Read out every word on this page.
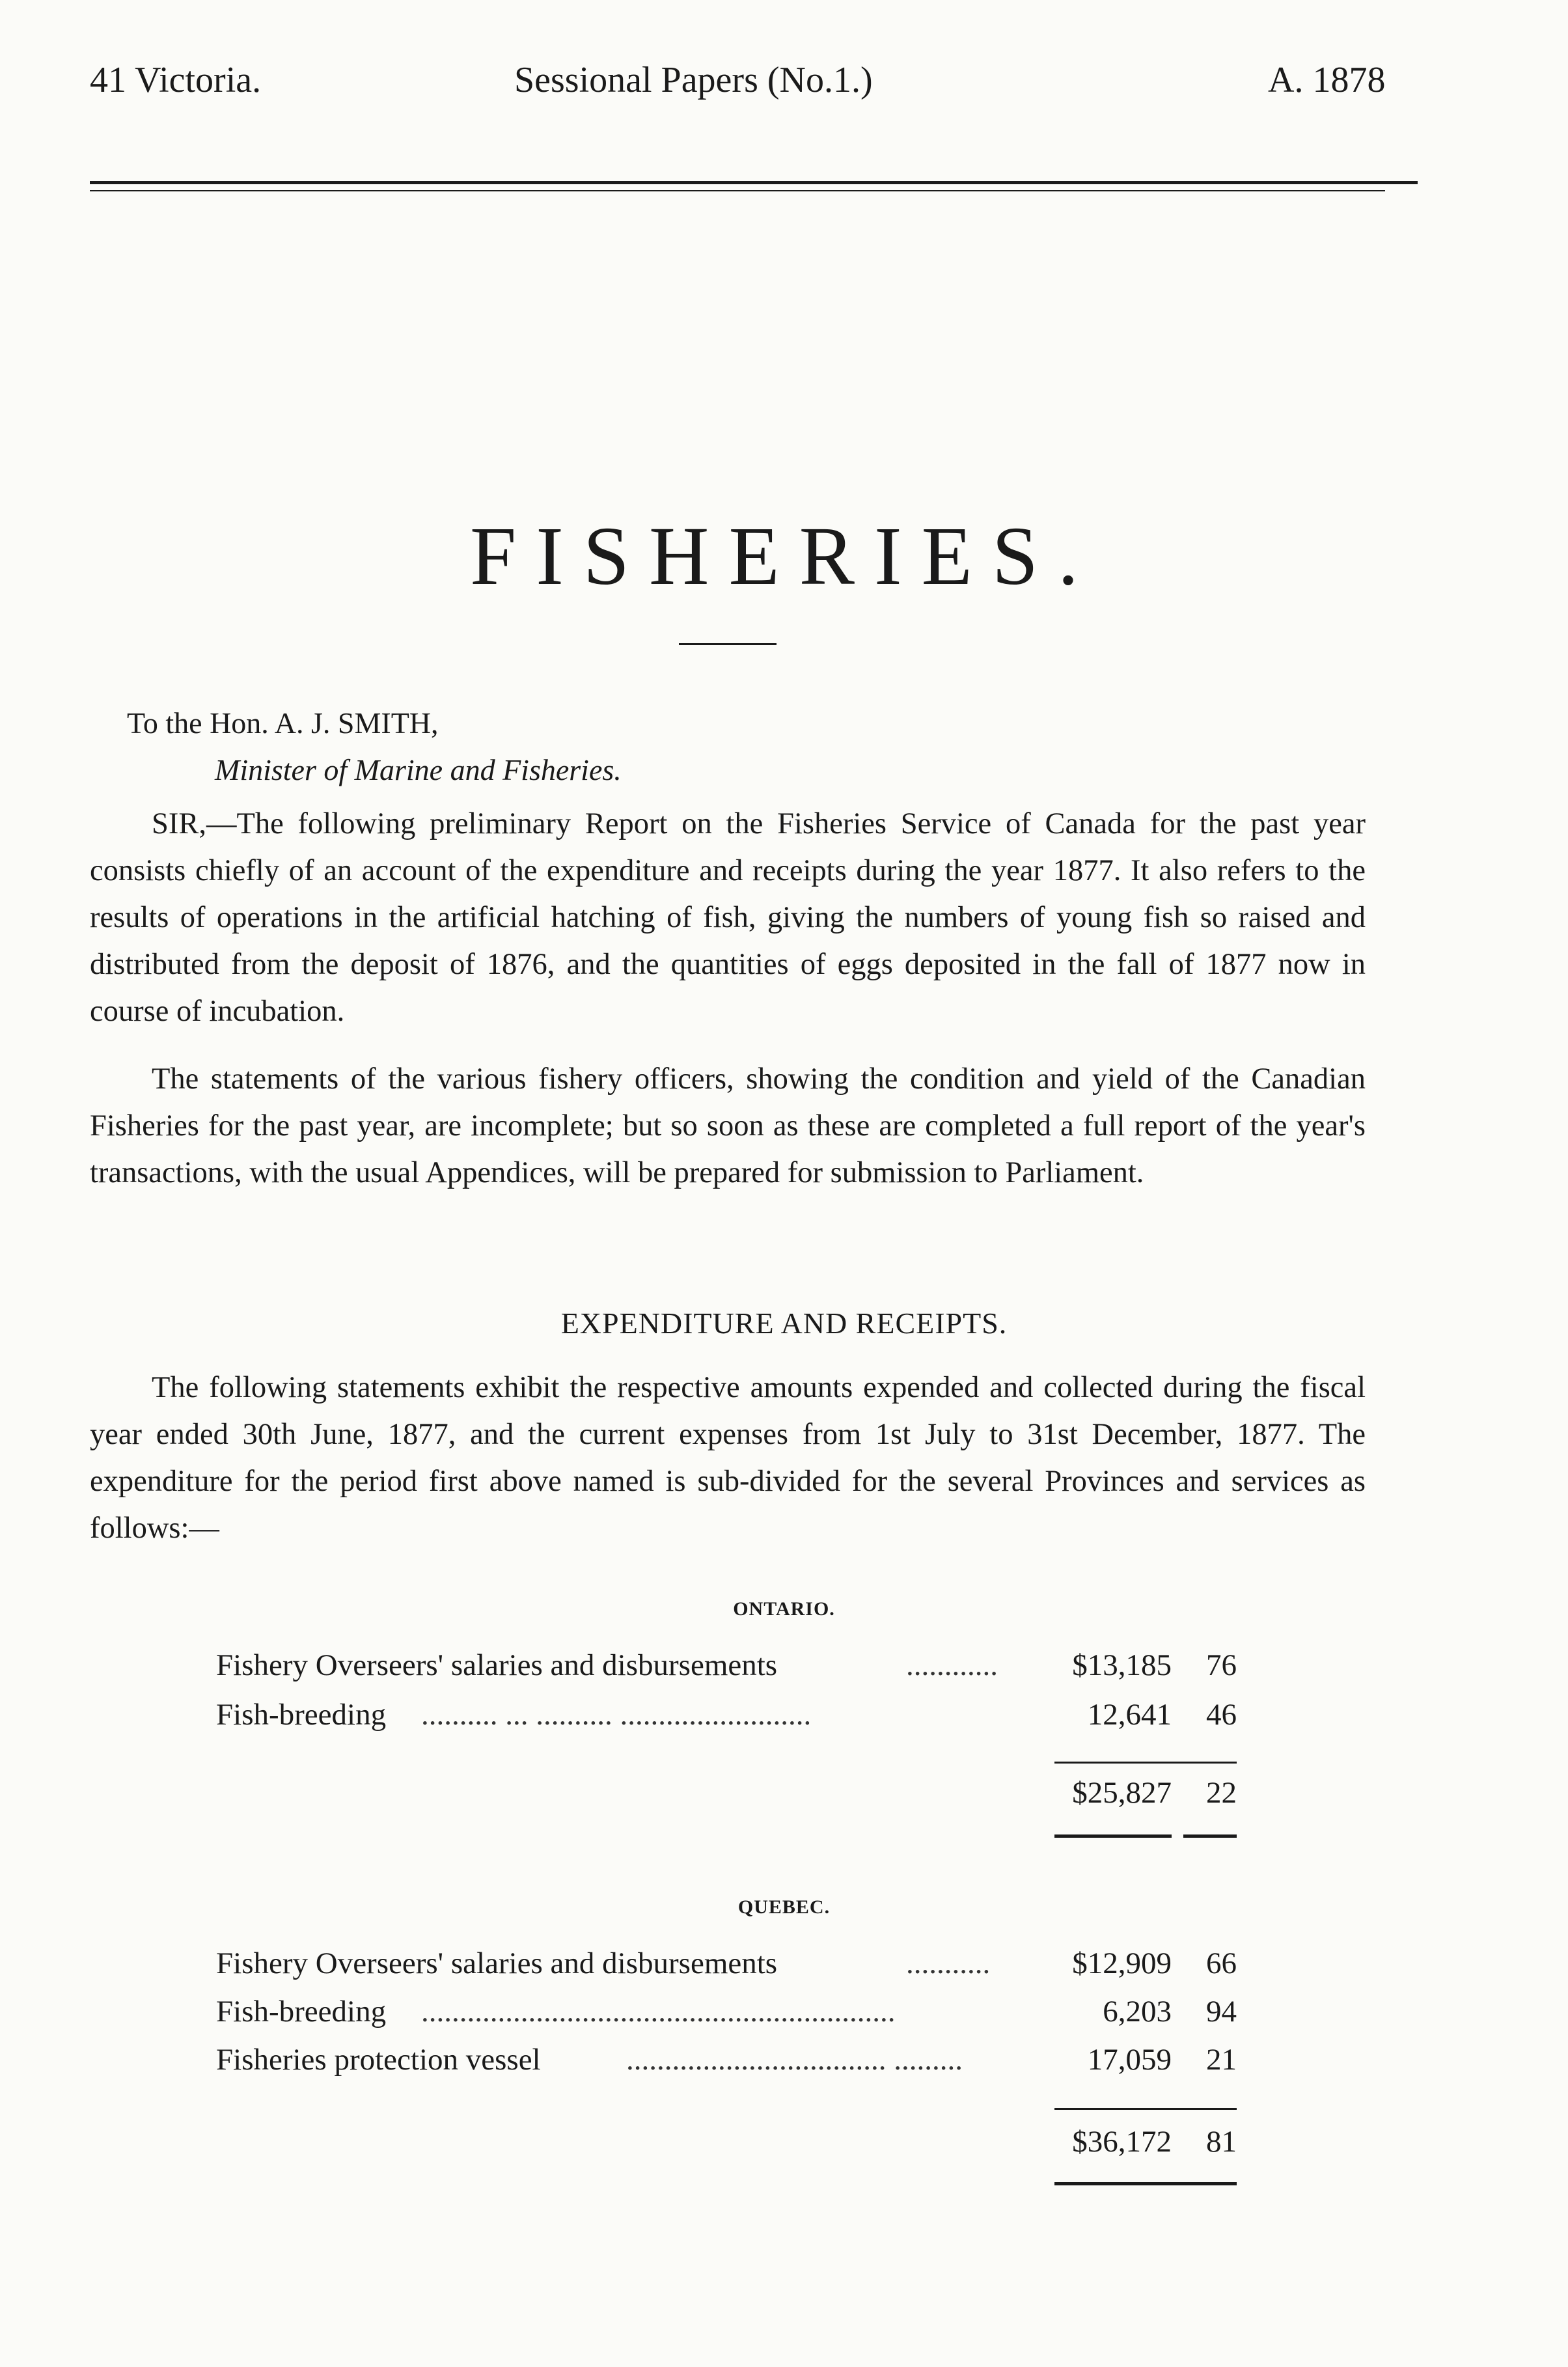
41 Victoria.	Sessional Papers (No.1.)	A. 1878
FISHERIES.
To the Hon. A. J. SMITH,
Minister of Marine and Fisheries.
SIR,—The following preliminary Report on the Fisheries Service of Canada for the past year consists chiefly of an account of the expenditure and receipts during the year 1877. It also refers to the results of operations in the artificial hatching of fish, giving the numbers of young fish so raised and distributed from the deposit of 1876, and the quantities of eggs deposited in the fall of 1877 now in course of incubation.
The statements of the various fishery officers, showing the condition and yield of the Canadian Fisheries for the past year, are incomplete; but so soon as these are completed a full report of the year's transactions, with the usual Appendices, will be prepared for submission to Parliament.
EXPENDITURE AND RECEIPTS.
The following statements exhibit the respective amounts expended and collected during the fiscal year ended 30th June, 1877, and the current expenses from 1st July to 31st December, 1877. The expenditure for the period first above named is sub-divided for the several Provinces and services as follows:—
ONTARIO.
Fishery Overseers' salaries and disbursements	............ $13,185	76
Fish-breeding .......... ... .......... .........................	12,641	46
$25,827 22
QUEBEC.
Fishery Overseers' salaries and disbursements	...........	$12,909	66
Fish-breeding ..............................................................	6,203	94
Fisheries protection vessel	.................................. .........	17,059	21
$36,172 81
